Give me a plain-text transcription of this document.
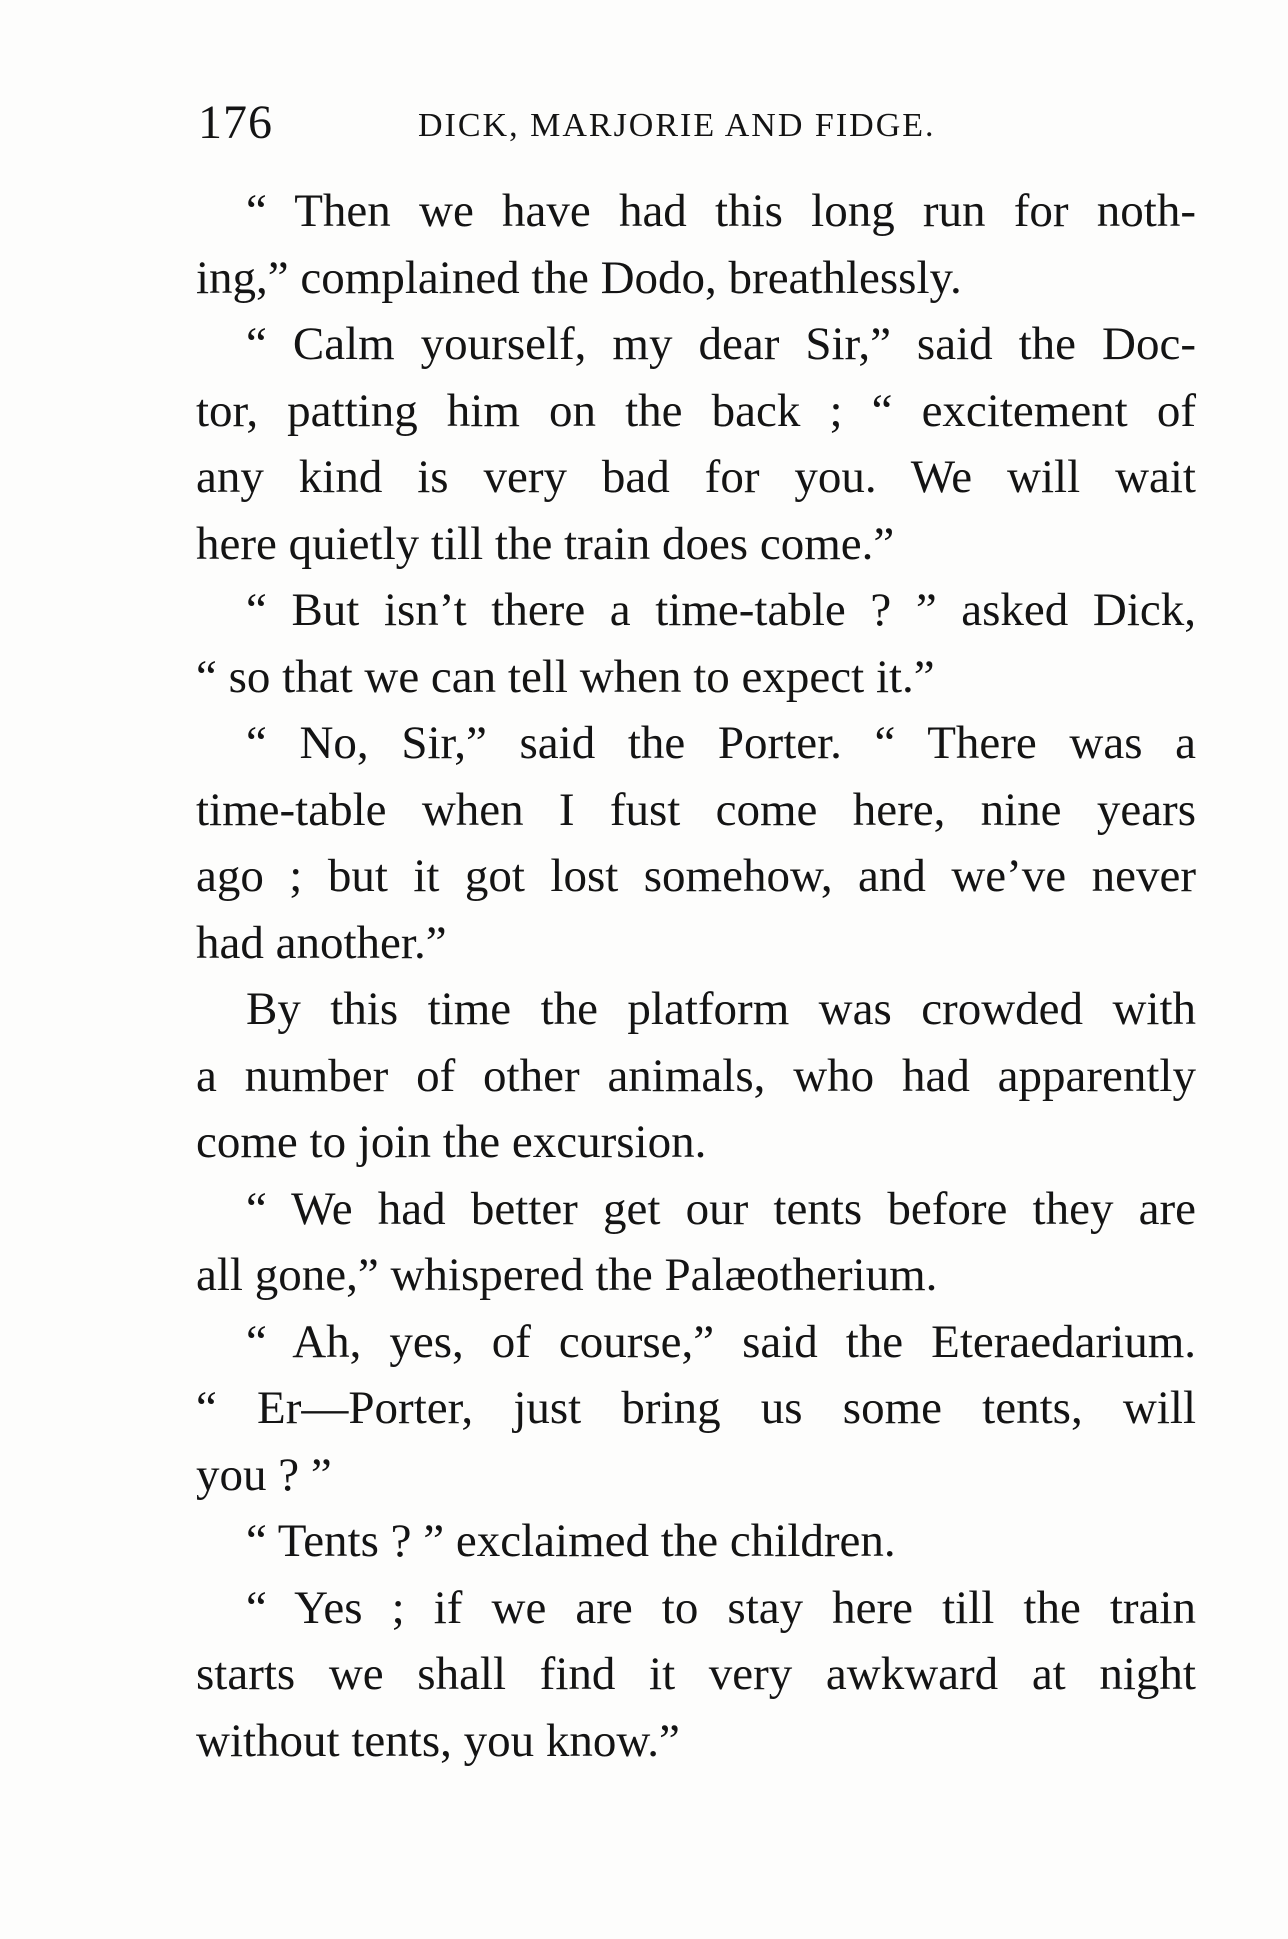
176	DICK, MARJORIE AND FIDGE.
“ Then we have had this long run for noth-
ing,” complained the Dodo, breathlessly.
“ Calm yourself, my dear Sir,” said the Doc-
tor, patting him on the back ; “ excitement of
any kind is very bad for you. We will wait
here quietly till the train does come.”
“ But isn’t there a time-table ? ” asked Dick,
“ so that we can tell when to expect it.”
“ No, Sir,” said the Porter. “ There was a
time-table when I fust come here, nine years
ago ; but it got lost somehow, and we’ve never
had another.”
By this time the platform was crowded with
a number of other animals, who had apparently
come to join the excursion.
“ We had better get our tents before they are
all gone,” whispered the Palæotherium.
“ Ah, yes, of course,” said the Eteraedarium.
“ Er—Porter, just bring us some tents, will
you ? ”
“ Tents ? ” exclaimed the children.
“ Yes ; if we are to stay here till the train
starts we shall find it very awkward at night
without tents, you know.”
